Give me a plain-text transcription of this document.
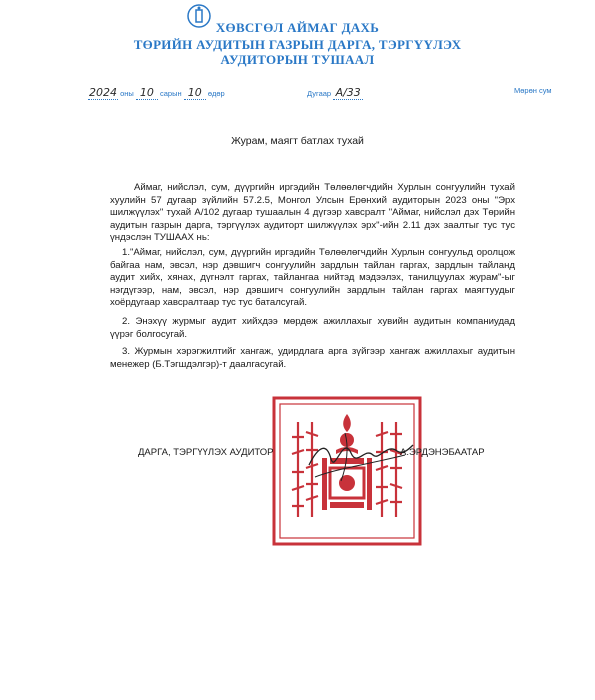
ХӨВСГӨЛ АЙМАГ ДАХЬ
ТӨРИЙН АУДИТЫН ГАЗРЫН ДАРГА, ТЭРГҮҮЛЭХ
АУДИТОРЫН ТУШААЛ
2024 оны 10 сарын 10 өдөр	Дугаар А/33	Мөрөн сум
Журам, маягт батлах тухай
Аймаг, нийслэл, сум, дүүргийн иргэдийн Төлөөлөгчдийн Хурлын сонгуулийн тухай хуулийн 57 дугаар зүйлийн 57.2.5, Монгол Улсын Ерөнхий аудиторын 2023 оны "Эрх шилжүүлэх" тухай А/102 дугаар тушаалын 4 дүгээр хавсралт "Аймаг, нийслэл дэх Төрийн аудитын газрын дарга, тэргүүлэх аудиторт шилжүүлэх эрх"-ийн 2.11 дэх заалтыг тус тус үндэслэн ТУШААХ нь:
1."Аймаг, нийслэл, сум, дүүргийн иргэдийн Төлөөлөгчдийн Хурлын сонгуульд оролцож байгаа нам, эвсэл, нэр дэвшигч сонгуулийн зардлын тайлан гаргах, зардлын тайланд аудит хийх, хянах, дүгнэлт гаргах, тайлангаа нийтэд мэдээлэх, танилцуулах журам"-ыг нэгдүгээр, нам, эвсэл, нэр дэвшигч сонгуулийн зардлын тайлан гаргах маягтуудыг хоёрдугаар хавсралтаар тус тус баталсугай.
2. Энэхүү журмыг аудит хийхдээ мөрдөж ажиллахыг хувийн аудитын компаниудад үүрэг болгосугай.
3. Журмын хэрэгжилтийг хангаж, удирдлага арга зүйгээр хангаж ажиллахыг аудитын менежер (Б.Тэгшдэлгэр)-т даалгасугай.
ДАРГА, ТЭРГҮҮЛЭХ АУДИТОР	А.ЭРДЭНЭБААТАР
